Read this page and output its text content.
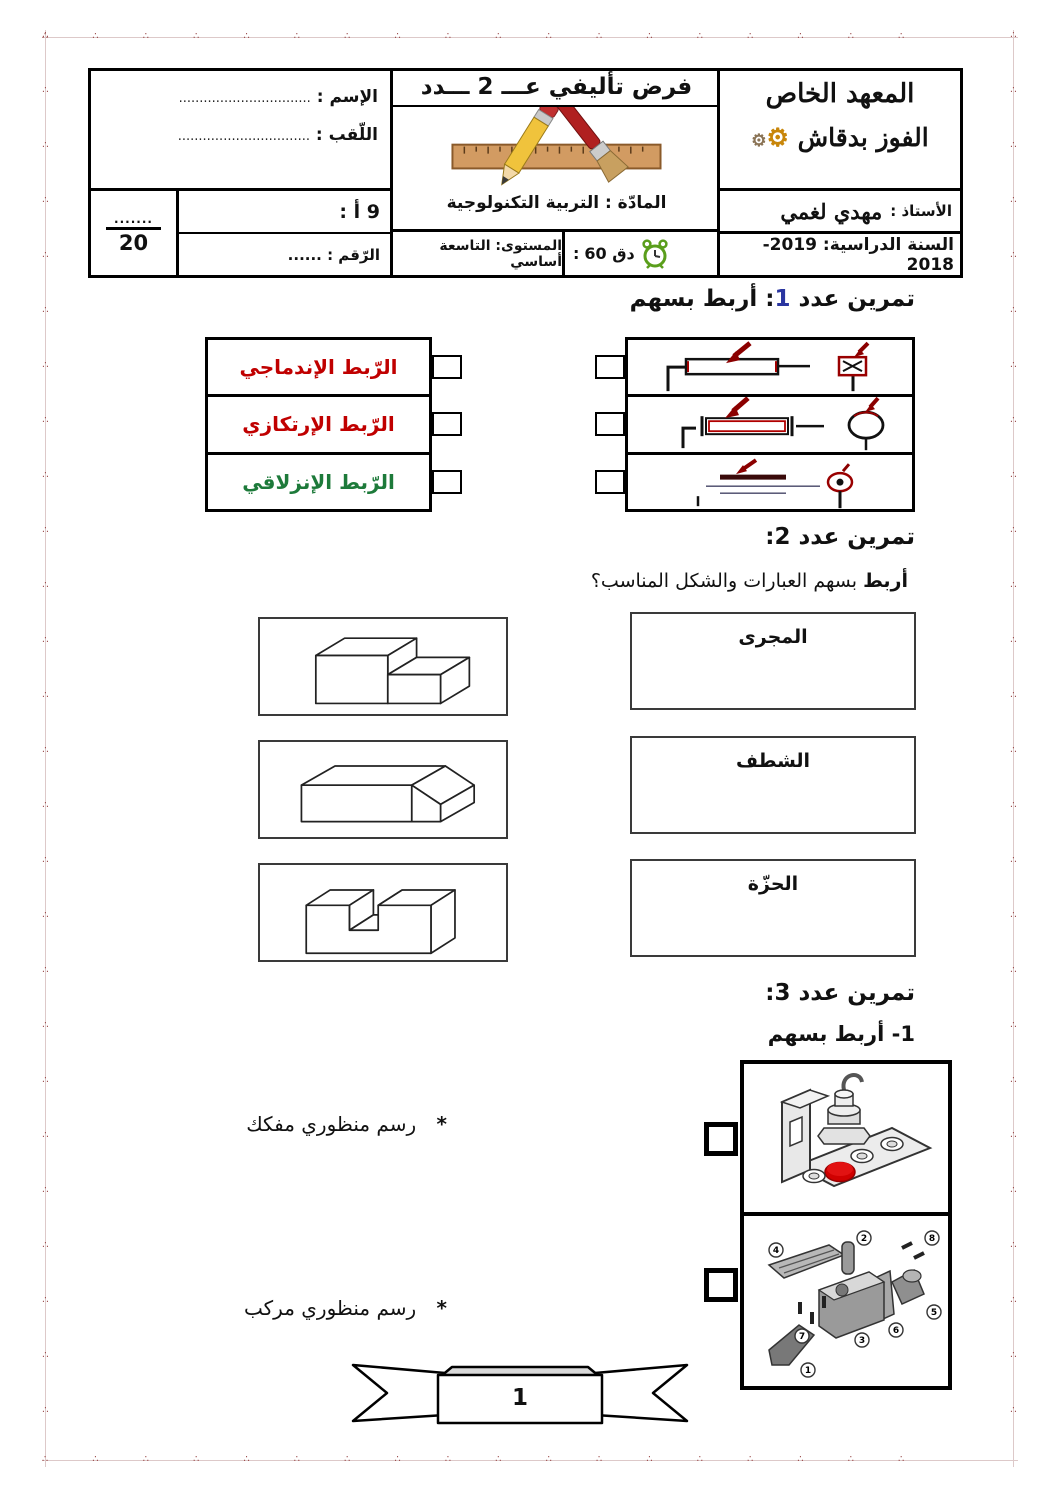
∴∴∴∴∴∴∴∴∴∴∴∴∴∴∴∴∴∴
∴∴∴∴∴∴∴∴∴∴∴∴∴∴∴∴∴∴
∴∴∴∴∴∴∴∴∴∴∴∴∴∴∴∴∴∴∴∴∴∴∴∴∴∴	∴∴∴∴∴∴∴∴∴∴∴∴∴∴∴∴∴∴∴∴∴∴∴∴∴∴
المعهد الخاص
الفوز بدقاش ⚙⚙
الأستاذ :
مهدي لغمي
السنة الدراسية: 2019-2018
فرض تأليفي عـــ 2 ـــدد
المادّة : التربية التكنولوجية
: 60 دق
المستوى: التاسعة أساسي
الإسم : ................................
اللّقب : ................................
9 أ :
الرّقم : ......
.......
20
تمرين عدد 1: أربط بسهم
الرّبط الإندماجي
الرّبط الإرتكازي
الرّبط الإنزلاقي
تمرين عدد 2:
أربط بسهم العبارات والشكل المناسب؟
المجرى
الشطف
الحزّة
تمرين عدد 3:
1- أربط بسهم
4
2	8
5
6
3
7
1
* رسم منظوري مفكك
* رسم منظوري مركب
1
